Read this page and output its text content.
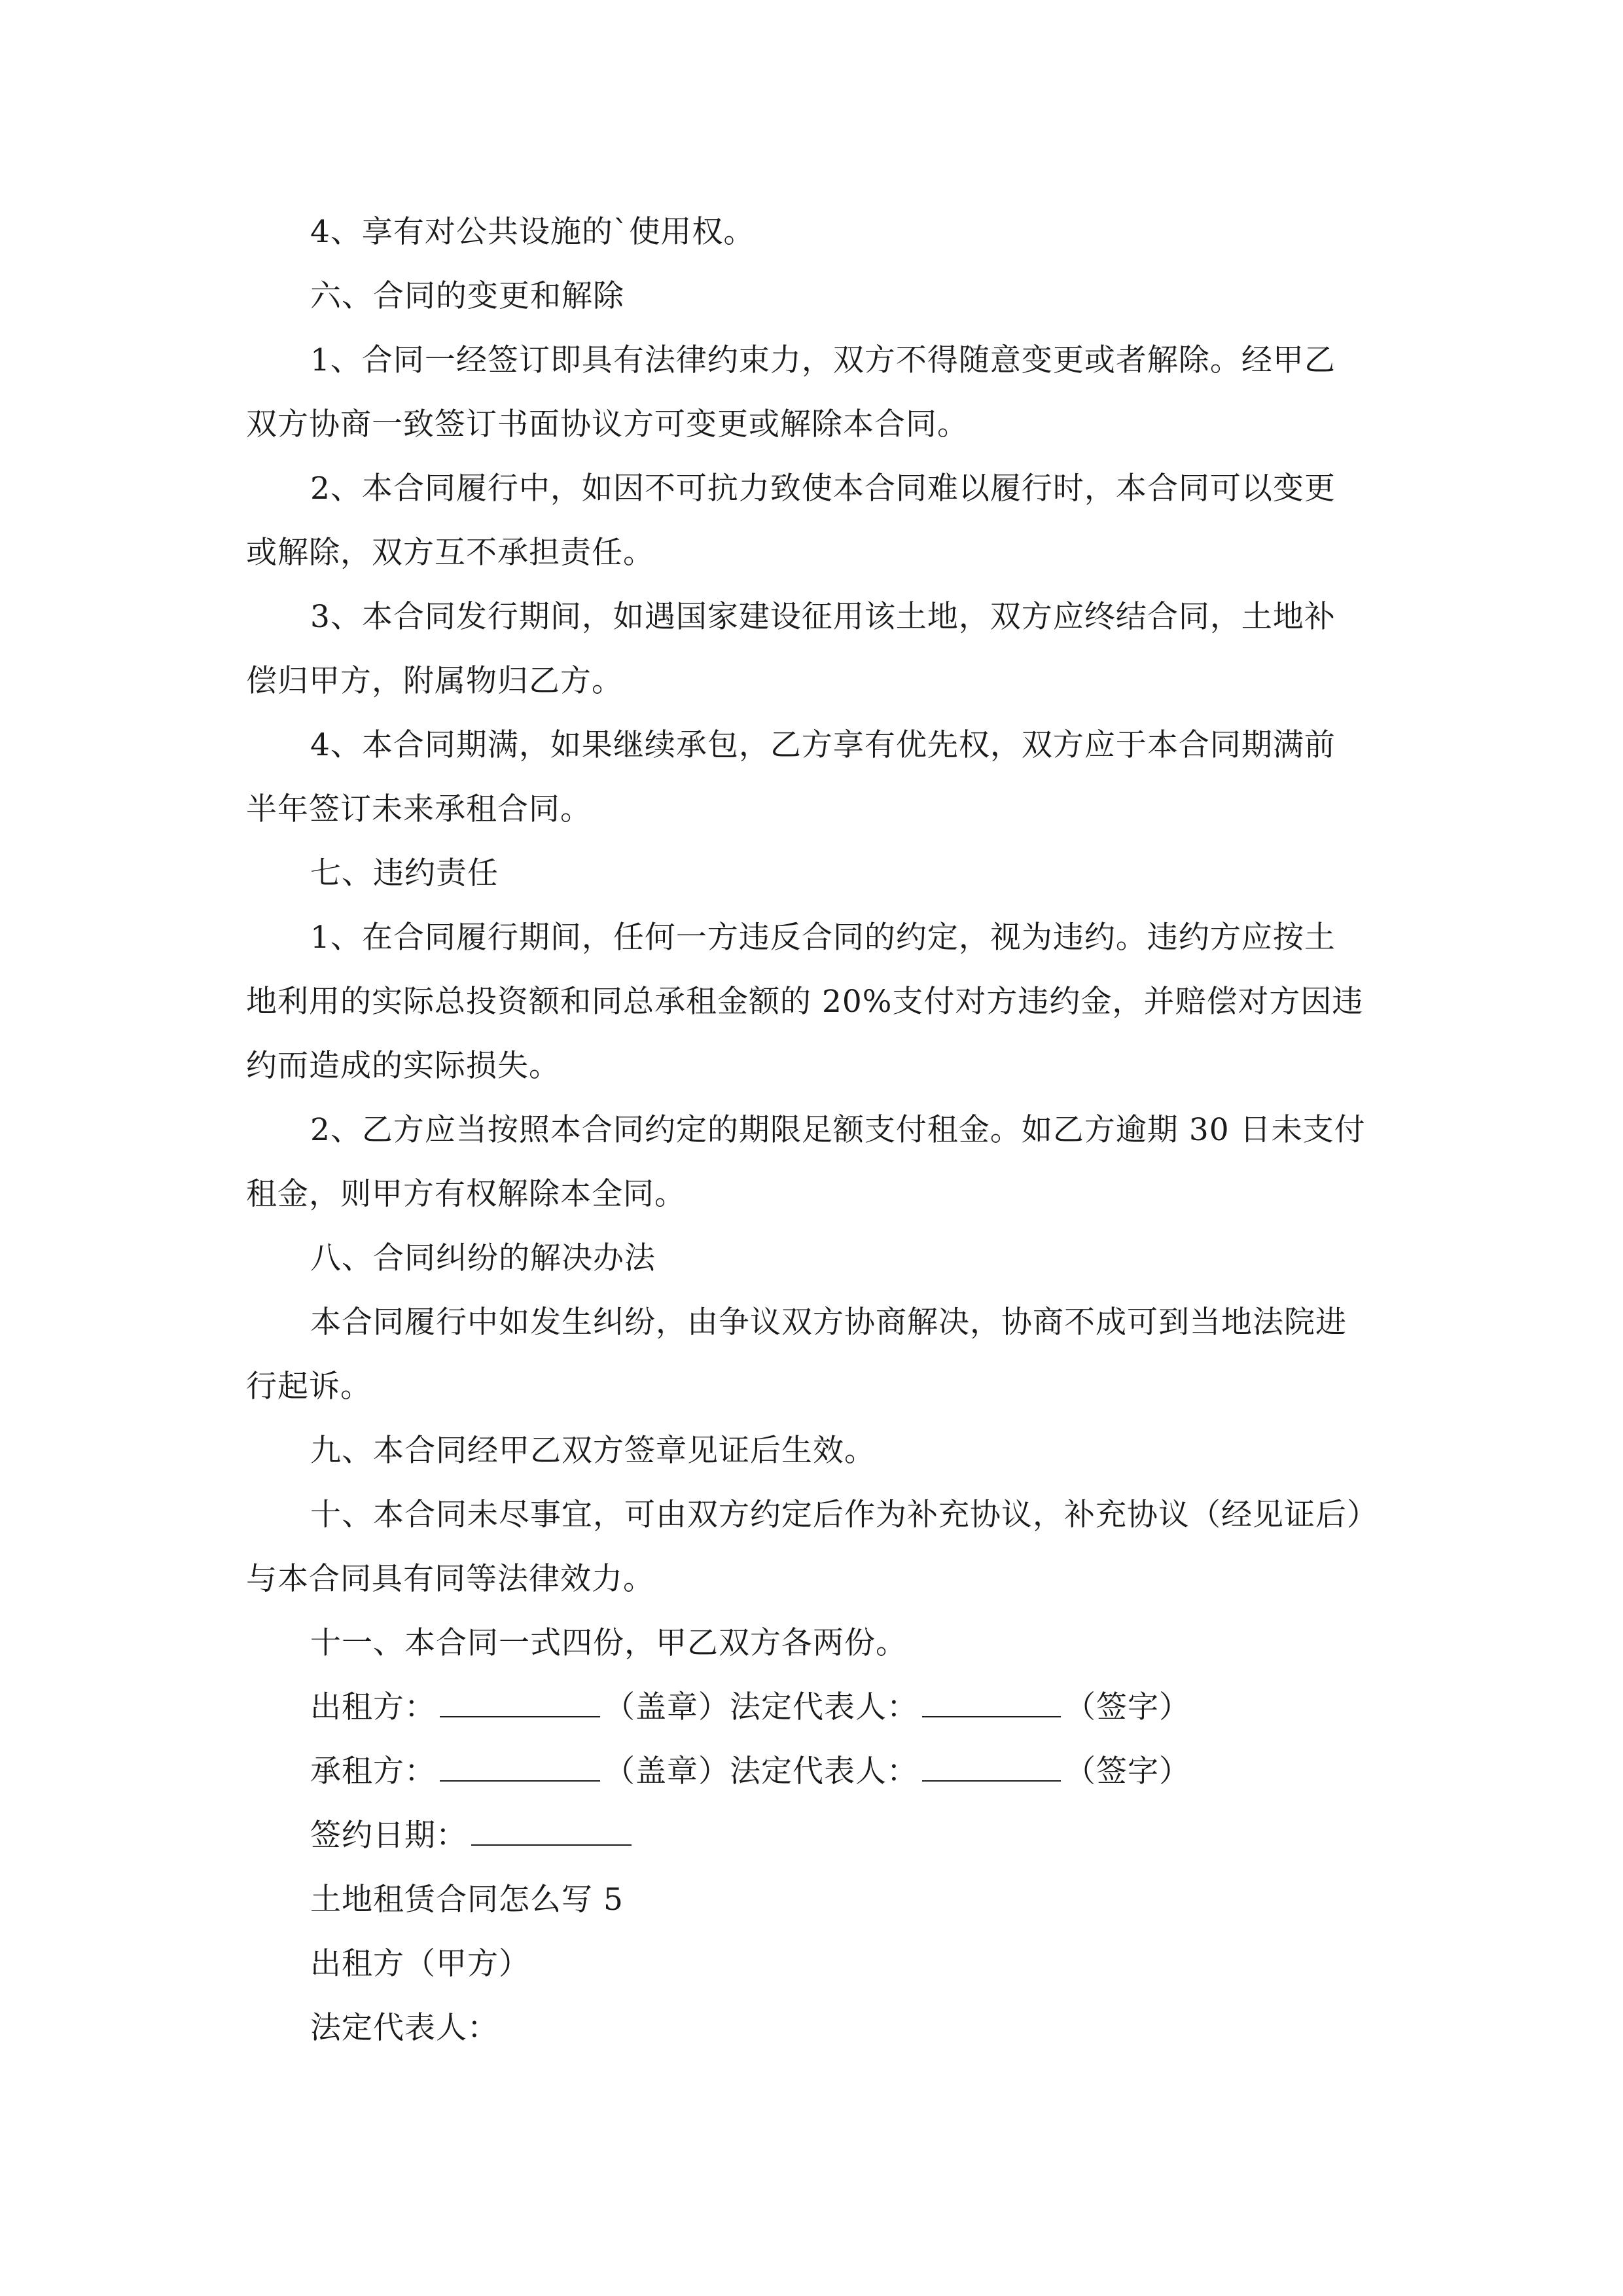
4、享有对公共设施的`使用权。
六、合同的变更和解除
1、合同一经签订即具有法律约束力，双方不得随意变更或者解除。经甲乙
双方协商一致签订书面协议方可变更或解除本合同。
2、本合同履行中，如因不可抗力致使本合同难以履行时，本合同可以变更
或解除，双方互不承担责任。
3、本合同发行期间，如遇国家建设征用该土地，双方应终结合同，土地补
偿归甲方，附属物归乙方。
4、本合同期满，如果继续承包，乙方享有优先权，双方应于本合同期满前
半年签订未来承租合同。
七、违约责任
1、在合同履行期间，任何一方违反合同的约定，视为违约。违约方应按土
地利用的实际总投资额和同总承租金额的 20%支付对方违约金，并赔偿对方因违
约而造成的实际损失。
2、乙方应当按照本合同约定的期限足额支付租金。如乙方逾期 30 日未支付
租金，则甲方有权解除本全同。
八、合同纠纷的解决办法
本合同履行中如发生纠纷，由争议双方协商解决，协商不成可到当地法院进
行起诉。
九、本合同经甲乙双方签章见证后生效。
十、本合同未尽事宜，可由双方约定后作为补充协议，补充协议（经见证后）
与本合同具有同等法律效力。
十一、本合同一式四份，甲乙双方各两份。
出租方：	（盖章）法定代表人：	（签字）
承租方：	（盖章）法定代表人：	（签字）
签约日期：
土地租赁合同怎么写 5
出租方（甲方）
法定代表人：
